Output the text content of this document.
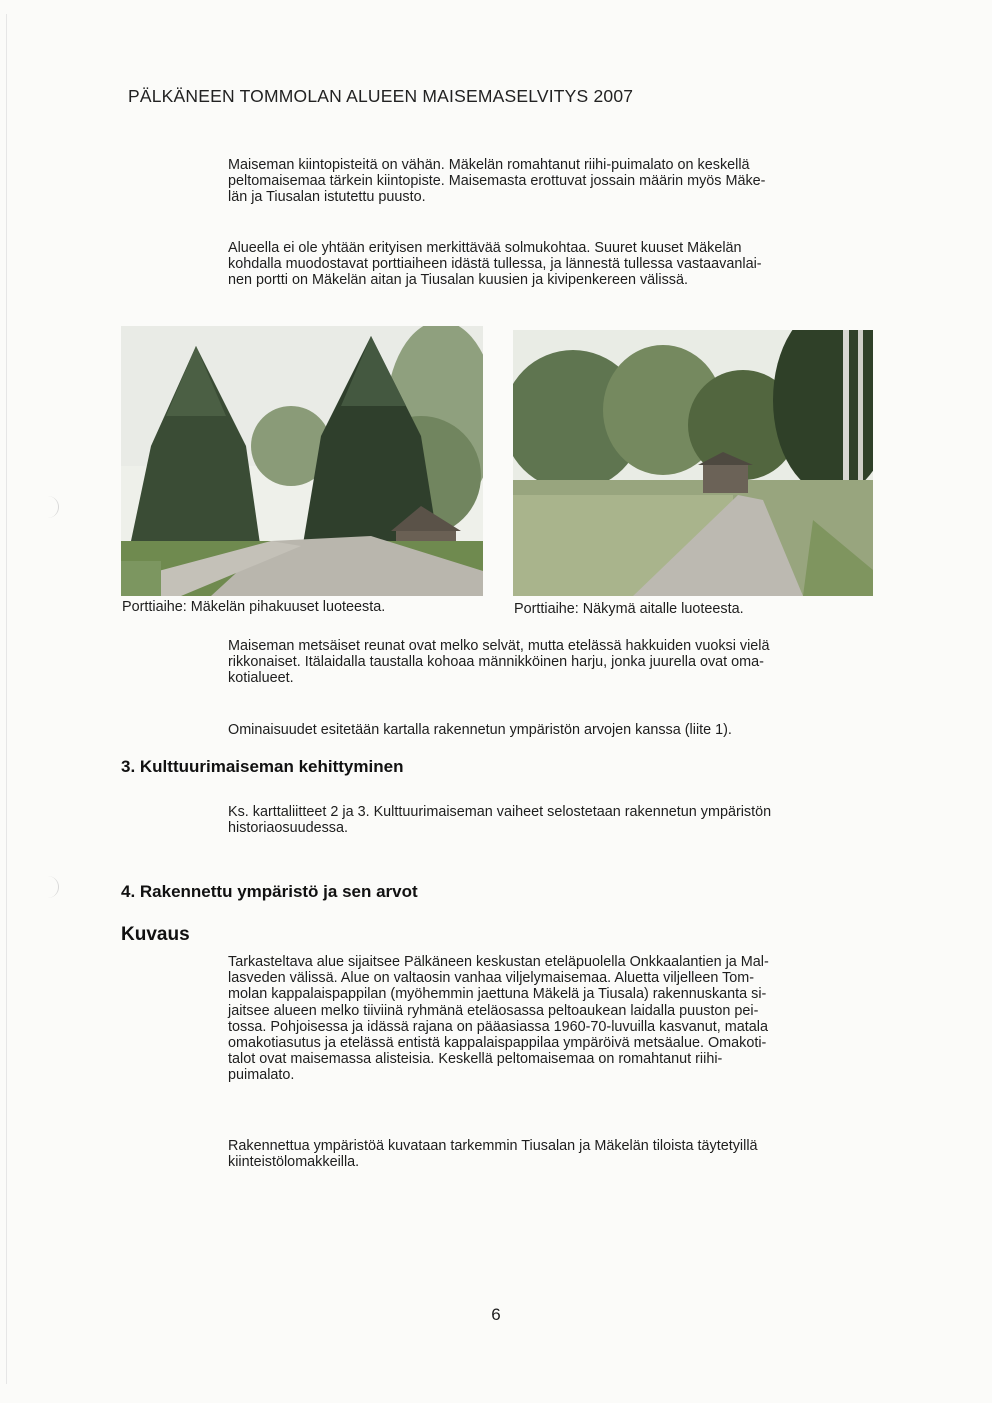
PÄLKÄNEEN TOMMOLAN ALUEEN MAISEMASELVITYS 2007
Maiseman kiintopisteitä on vähän. Mäkelän romahtanut riihi-puimalato on keskellä
peltomaisemaa tärkein kiintopiste. Maisemasta erottuvat jossain määrin myös Mäke-
län ja Tiusalan istutettu puusto.
Alueella ei ole yhtään erityisen merkittävää solmukohtaa. Suuret kuuset Mäkelän
kohdalla muodostavat porttiaiheen idästä tullessa, ja lännestä tullessa vastaavanlai-
nen portti on Mäkelän aitan ja Tiusalan kuusien ja kivipenkereen välissä.
Porttiaihe: Mäkelän pihakuuset luoteesta.	Porttiaihe: Näkymä aitalle luoteesta.
Maiseman metsäiset reunat ovat melko selvät, mutta etelässä hakkuiden vuoksi vielä
rikkonaiset. Itälaidalla taustalla kohoaa männikköinen harju, jonka juurella ovat oma-
kotialueet.
Ominaisuudet esitetään kartalla rakennetun ympäristön arvojen kanssa (liite 1).
3. Kulttuurimaiseman kehittyminen
Ks. karttaliitteet 2 ja 3. Kulttuurimaiseman vaiheet selostetaan rakennetun ympäristön
historiaosuudessa.
4. Rakennettu ympäristö ja sen arvot
Kuvaus
Tarkasteltava alue sijaitsee Pälkäneen keskustan eteläpuolella Onkkaalantien ja Mal-
lasveden välissä. Alue on valtaosin vanhaa viljelymaisemaa. Aluetta viljelleen Tom-
molan kappalaispappilan (myöhemmin jaettuna Mäkelä ja Tiusala) rakennuskanta si-
jaitsee alueen melko tiiviinä ryhmänä eteläosassa peltoaukean laidalla puuston pei-
tossa. Pohjoisessa ja idässä rajana on pääasiassa 1960-70-luvuilla kasvanut, matala
omakotiasutus ja etelässä entistä kappalaispappilaa ympäröivä metsäalue. Omakoti-
talot ovat maisemassa alisteisia. Keskellä peltomaisemaa on romahtanut riihi-
puimalato.
Rakennettua ympäristöä kuvataan tarkemmin Tiusalan ja Mäkelän tiloista täytetyillä
kiinteistölomakkeilla.
6
